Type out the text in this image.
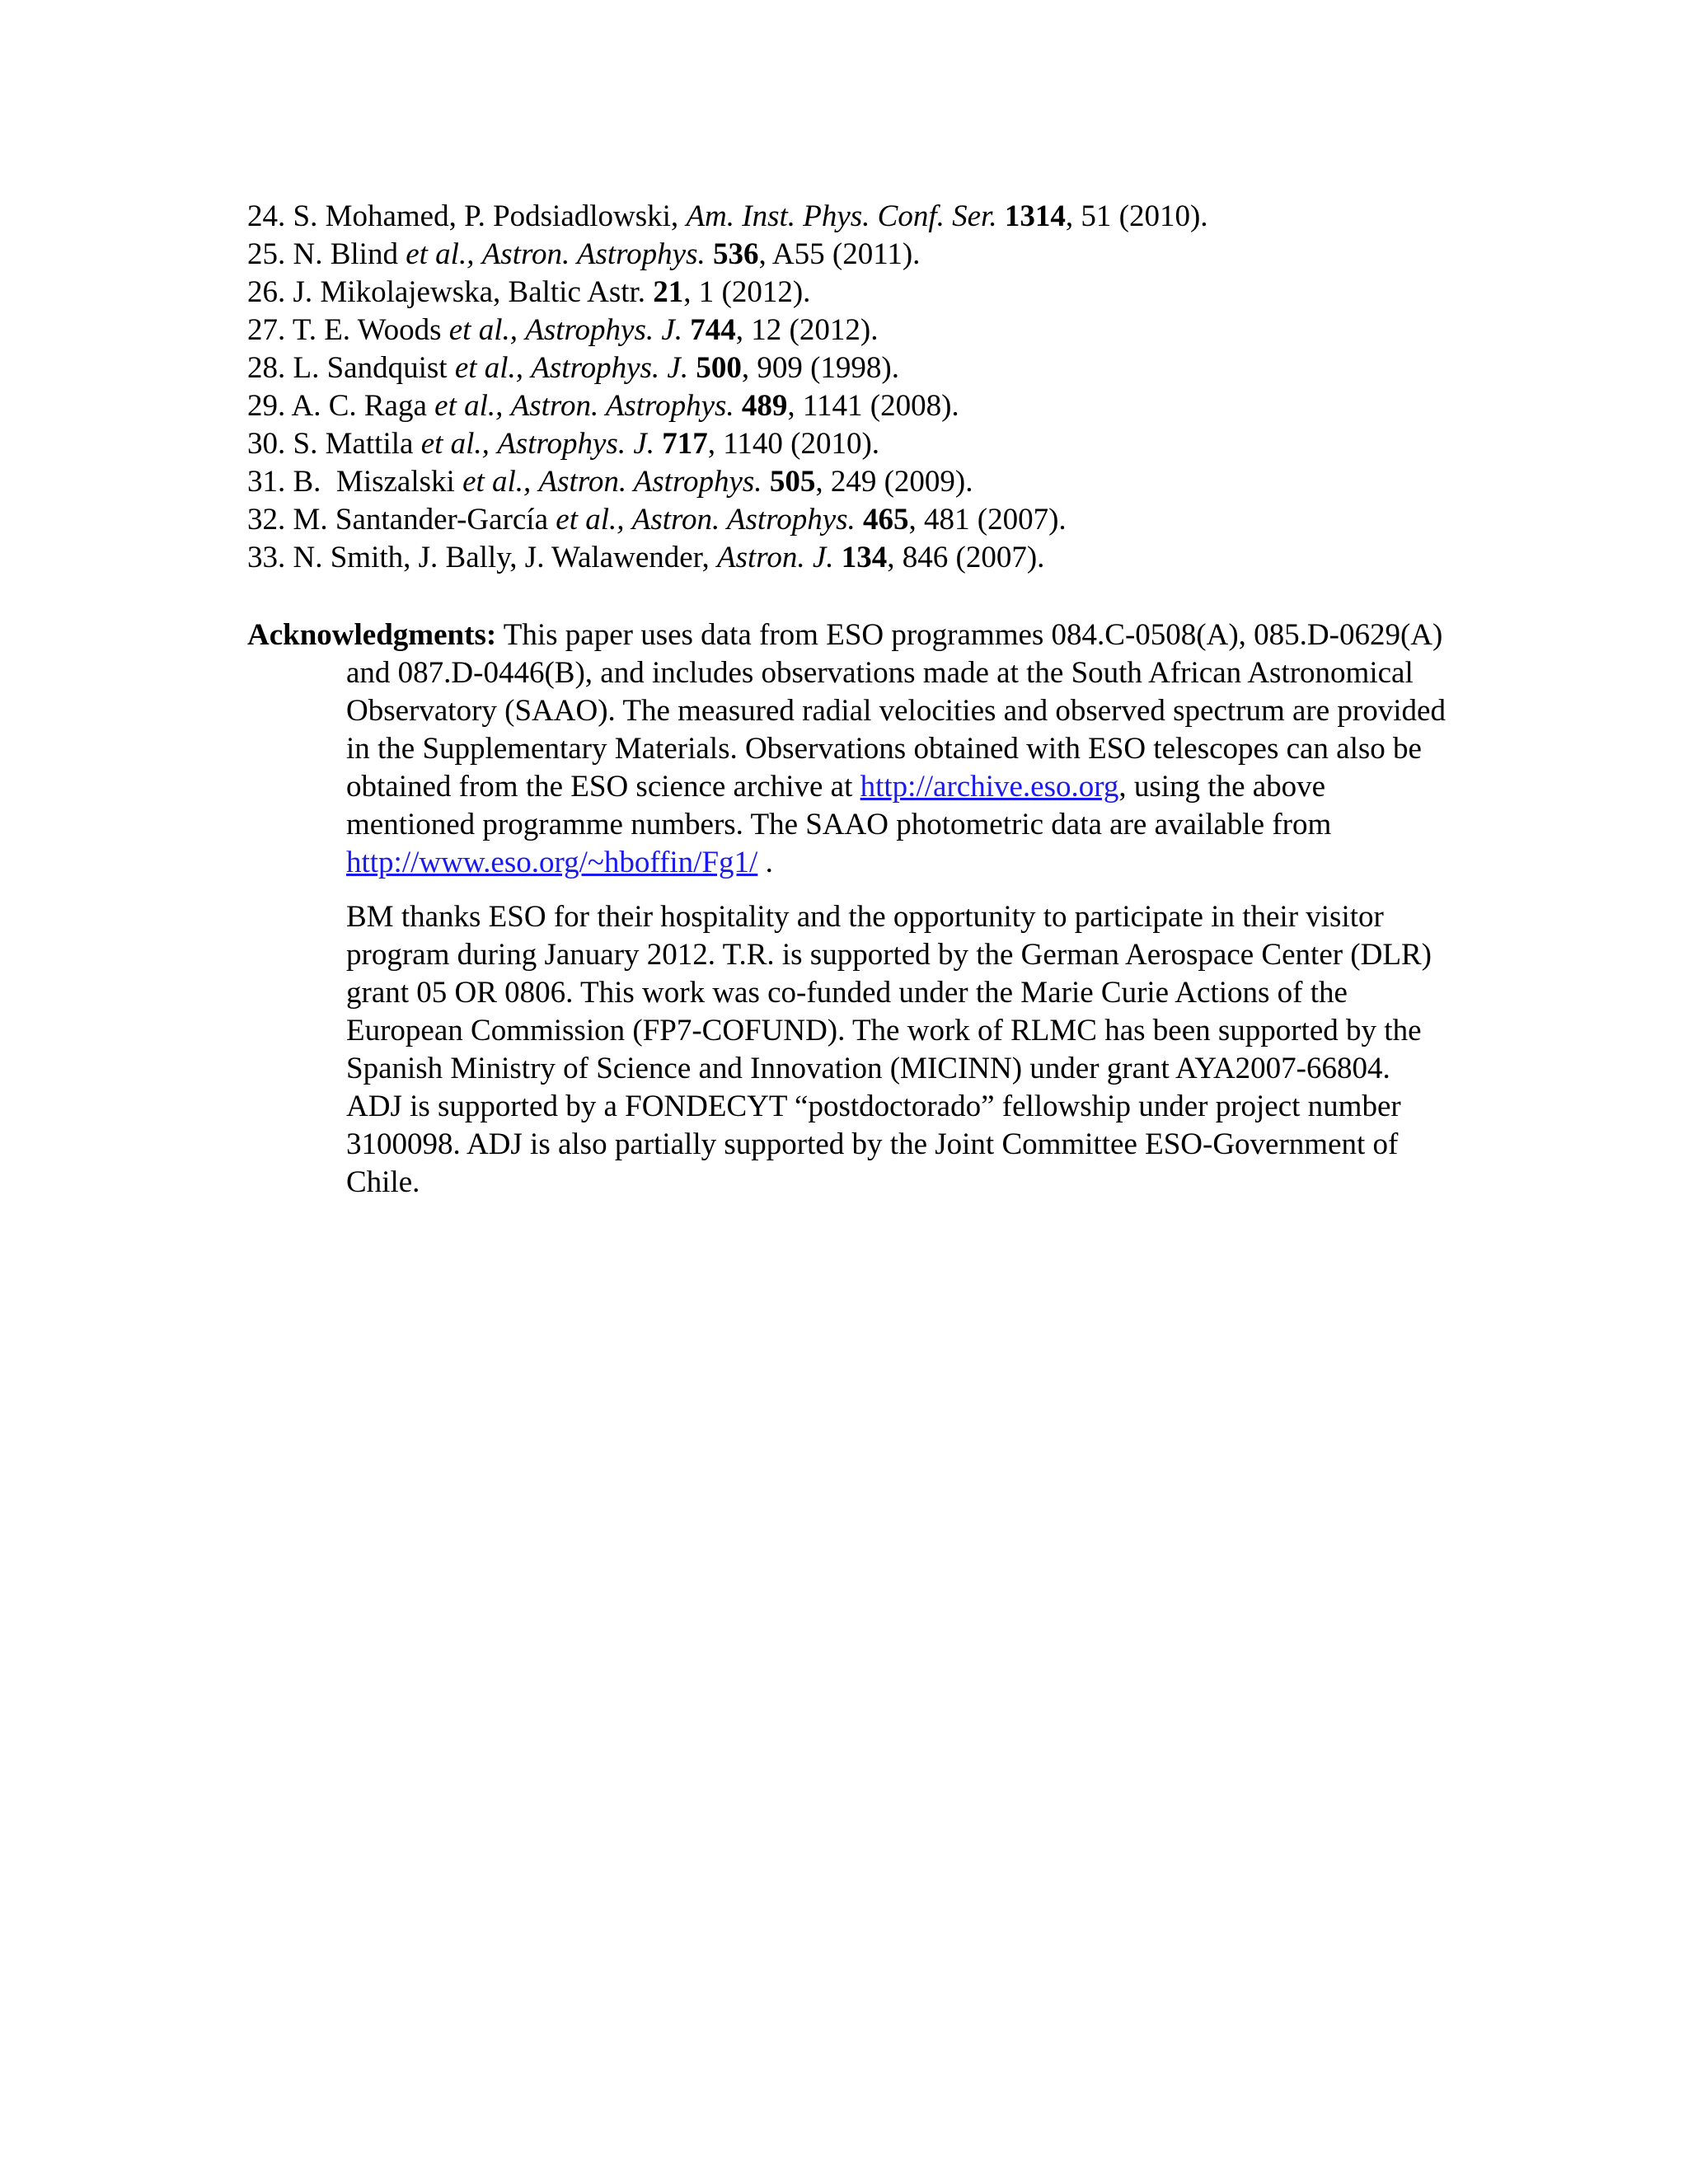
24. S. Mohamed, P. Podsiadlowski, Am. Inst. Phys. Conf. Ser. 1314, 51 (2010).
25. N. Blind et al., Astron. Astrophys. 536, A55 (2011).
26. J. Mikolajewska, Baltic Astr. 21, 1 (2012).
27. T. E. Woods et al., Astrophys. J. 744, 12 (2012).
28. L. Sandquist et al., Astrophys. J. 500, 909 (1998).
29. A. C. Raga et al., Astron. Astrophys. 489, 1141 (2008).
30. S. Mattila et al., Astrophys. J. 717, 1140 (2010).
31. B.  Miszalski et al., Astron. Astrophys. 505, 249 (2009).
32. M. Santander-García et al., Astron. Astrophys. 465, 481 (2007).
33. N. Smith, J. Bally, J. Walawender, Astron. J. 134, 846 (2007).

Acknowledgments: This paper uses data from ESO programmes 084.C-0508(A), 085.D-0629(A) and 087.D-0446(B), and includes observations made at the South African Astronomical Observatory (SAAO). The measured radial velocities and observed spectrum are provided in the Supplementary Materials. Observations obtained with ESO telescopes can also be obtained from the ESO science archive at http://archive.eso.org, using the above mentioned programme numbers. The SAAO photometric data are available from http://www.eso.org/~hboffin/Fg1/ .

BM thanks ESO for their hospitality and the opportunity to participate in their visitor program during January 2012. T.R. is supported by the German Aerospace Center (DLR) grant 05 OR 0806. This work was co-funded under the Marie Curie Actions of the European Commission (FP7-COFUND). The work of RLMC has been supported by the Spanish Ministry of Science and Innovation (MICINN) under grant AYA2007-66804. ADJ is supported by a FONDECYT “postdoctorado” fellowship under project number 3100098. ADJ is also partially supported by the Joint Committee ESO-Government of Chile.
